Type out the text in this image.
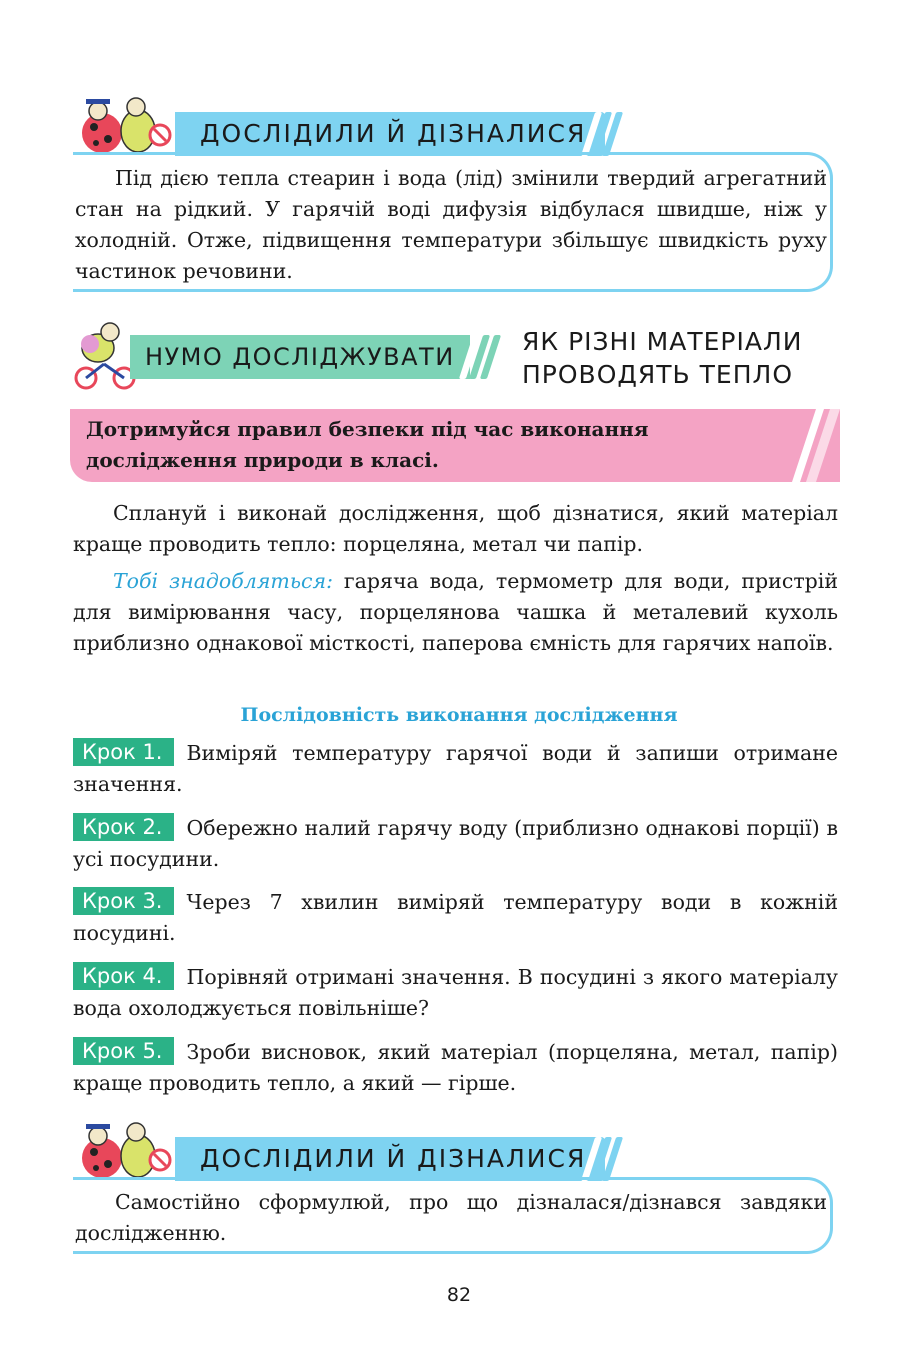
ДОСЛІДИЛИ Й ДІЗНАЛИСЯ
Під дією тепла стеарин і вода (лід) змінили твердий агрегатний стан на рідкий. У гарячій воді дифузія відбулася швидше, ніж у холодній. Отже, підвищення температури збільшує швидкість руху частинок речовини.
НУМО ДОСЛІДЖУВАТИ
ЯК РІЗНІ МАТЕРІАЛИ
ПРОВОДЯТЬ ТЕПЛО
Дотримуйся правил безпеки під час виконання дослідження природи в класі.
Сплануй і виконай дослідження, щоб дізнатися, який матеріал краще проводить тепло: порцеляна, метал чи папір.
Тобі знадобляться: гаряча вода, термометр для води, пристрій для вимірювання часу, порцелянова чашка й металевий кухоль приблизно однакової місткості, паперова ємність для гарячих напоїв.
Послідовність виконання дослідження
Крок 1. Виміряй температуру гарячої води й запиши отримане значення.
Крок 2. Обережно налий гарячу воду (приблизно однакові порції) в усі посудини.
Крок 3. Через 7 хвилин виміряй температуру води в кожній посудині.
Крок 4. Порівняй отримані значення. В посудині з якого матеріалу вода охолоджується повільніше?
Крок 5. Зроби висновок, який матеріал (порцеляна, метал, папір) краще проводить тепло, а який — гірше.
ДОСЛІДИЛИ Й ДІЗНАЛИСЯ
Самостійно сформулюй, про що дізналася/дізнався завдяки дослідженню.
82
